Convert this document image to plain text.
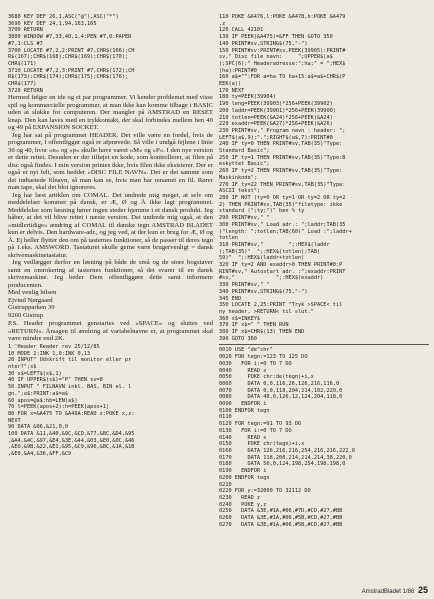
3680 KEY DEF 26,1,ASC("@"),ASC("*")
3690 KEY DEF 24,1,94,163,165
3700 RETURN
3800 WINDOW #7,33,40,1,4:PEN #7,0:PAPER
#7,1:CLS #7
3700 LOCATE #7,2,2:PRINT #7,CHR$(166);CH
R$(167);CHR$(168);CHR$(169);CHR$(170);
CHR$(171)
3710 LOCATE #7,2,3:PRINT #7,CHR$(172);CH
R$(173);CHR$(174);CHR$(175);CHR$(176);
CHR$(177)
3720 RETURN

Hermed følger en ide og et par programmer. Vi kender problemet med visse spil og kommercielle programmer, at man ikke kan komme tilbage i BASIC uden at slukke for computeren. Der mangler på AMSTRAD en RESET knap. Den kan laves med en trykkontakt, der skal forbindes mellem ben 40 og 49 på EXPANSION SOCKET.

Jeg har sat på programmet HEADER. Det ville være en fordel, hvis de programmer, I offentliggør også er afprøvede. Så ville i undgå fejlene i linie 30 og 40, hvor »n« og »p« skulle have været »M« og »P«. I den nye version er dette rettet. Desuden er der tilføjet en kode, som kontrollerer, at filen på disc også findes. I min version printes ikke, hvis filen ikke eksisterer. Der er også et nyt felt, som hedder »DISC FILE NAVN«. Det er det samme som det indtastede filnavn, så man kan se, hvis man har renamet en fil. Rører man tape, skal det blot ignoreres.

Jeg har læst artiklen om COMAL. Det undrede mig meget, at selv om meddelelser kommer på dansk, er Æ, Ø og Å ikke lagt programmet. Meddelelse som læsning hører ingen steder hjemme i et dansk produkt. Jeg håber, at det vil blive rettet i næste version. Det undrede mig også, at den »midlertidige« ændring af COMAL til danske tegn AMSTRAD BLADET kun er delvis. Den hardware-adr., og jeg ved, at der kun er brug for Æ, Ø og Å. Ej heller flytter den om på tasternes funktioner, så de passer til deres tegn på 1.eks. AMSWORD. Tastaturet skulle gerne være brugervenligt = dansk skrivemaskinetastatur.

Jeg vedlægger derfor en løsning på både de små og de store bogstaver samt en omrokering af tasternes funktioner, så det svarer til en dansk skrivemaskine. Jeg beder Dem offentliggøre dette samt informere producenten.

Med venlig hilsen
Ejvind Nørgaard
Gistrupparken 39
9260 Gistrup

P.S. Header programmet genstartes ved »SPACE« og sluttes ved »RETURN«. Årsagen til ændring af variabelnavne er, at programmet skal være mindre end 2K.

1 'Header Reader rev 25/12/85
10 MODE 2:INK 1,0:INK 0,13
20 INPUT" Udskrift til monitor eller pr
nter?";s$
30 s$=LEFT$(s$,1)
40 IF UPPER$(s$)="P" THEN sv=8
50 INPUT " FILNAVN inkl. BAS, BIN el. l
gn.";a$:PRINT:a$=a$
60 apos=@a$:hb=LEN(a$)
70 l=PEEK(apos+2):h=PEEK(apos+1)
80 FOR x=&A475 TO &A49A:READ z:POKE x,z:
NEXT
90 DATA &06,&21,0,0
100 DATA &11,&40,&9C,&CD,&77,&BC,&D4,&95
,&A4,&4C,&97,&E4,&3E,&44,&03,&E0,&0C,&46
,&E0,&9B,&22,&E1,&95,&C9,&96,&BC,&1A,&1B
,&E0,&A4,&36,&FF,&C9
110 POKE &A476,l:POKE &A478,h:POKE &A479
,z
120 CALL 42101
130 IF PEEK(&A475)=&FF THEN GOTO 350
140 PRINT#sv,STRING$(75,"-")
150 PRINT#sv:PRINT#sv,PEEK(39905):PRINT#
sv," Disc file navn:     ";UPPER$(a$
);SPC(6);" Headeradresse:";ha;" = ";HEX$
(ha):PRINT#0
160 a$="":FOR a=ha TO ha+15:a$=a$+CHR$(P
EEK(a))
170 NEXT
180 ty=PEEK(39904)
190 leng=PEEK(39903)*256+PEEK(39902)
200 laddr=PEEK(39901)*256+PEEK(39900)
210 totlen=PEEK(&A24)*256+PEEK(&A24)
220 exaddr=PEEK(&A27)*256+PEEK(&A26)
230 PRINT#sv," Program navn : header: ";
LEFT$(a$,9);".";RIGHT$(a$,7):PRINT#0
240 IF ty=0 THEN PRINT#sv,TAB(35)"Type:
Standard Basic";
250 IF ty=1 THEN PRINT#sv,TAB(35)"Type:B
eskyttet Basic";
260 IF ty=2 THEN PRINT#sv,TAB(35)"Type:
Maskinkode";
270 IF ty=22 THEN PRINT#sv,TAB(35)"Type:
ASCII tekst";
280 IF NOT (ty=0 OR ty=1 OR ty=2 OR ty=2
2) THEN PRINT#sv,TAB(35)"filetype: ikke
standard (";ty;")" ben % ty
290 PRINT#sv," "
300 PRINT#sv," Load adr.: ";laddr;TAB(35
)"length: ";totlen;TAB(60)" Load :";laddr+
totlen
310 PRINT#sv,"        ";:HEX$(laddr
);TAB(35)"  ";:HEX$(totlen);TAB(
59)"  ";:HEX$(laddr+totlen)
320 IF ty=2 AND exaddr>0 THEN PRINT#0:P
RINT#sv," Autostart adr. :";exaddr:PRINT
#sv,"             ";:HEX$(exaddr)
330 PRINT#sv," "
340 PRINT#sv,STRING$(75,"-")
345 END
350 LOCATE 2,25:PRINT "Tryk >SPACE< til
ny header, >RETURN< til slut."
360 x$=INKEY$
370 IF x$=" " THEN RUN
380 IF x$=CHR$(13) THEN END
390 GOTO 360
0010 USE "de"chr"
0020 FOR tegn:=123 TO 125 DO
0030   FOR i:=0 TO 7 DO
0040     READ x
0050     POKE chr:de(tegn)+i,x
0060     DATA 0,0,116,26,126,216,116,0
0070     DATA 0,0,118,204,214,102,220,0
0080     DATA 48,0,120,12,124,204,118,0
0090   ENDFOR i
0100 ENDFOR tegn
0110
0120 FOR tegn:=91 TO 93 DO
0130   FOR i:=0 TO 7 DO
0140     READ x
0150     POKE chr(tegn)+i,x
0160     DATA 126,216,216,254,216,216,222,0
0170     DATA 118,200,214,214,214,38,220,0
0180     DATA 56,0,124,198,254,198,198,0
0190   ENDFOR i
0200 ENDFOR tegn
0210
0220 FOR y:=32000 TO 32112 DO
0230   READ z
0240   POKE y,z
0250   DATA &3E,#1A,#06,#7D,#CD,#27,#BB
0260   DATA &3E,#1A,#06,#5B,#CD,#27,#BB
0270   DATA &3E,#1A,#06,#5B,#CD,#27,#BB
AmstradBladet 1/86 25
